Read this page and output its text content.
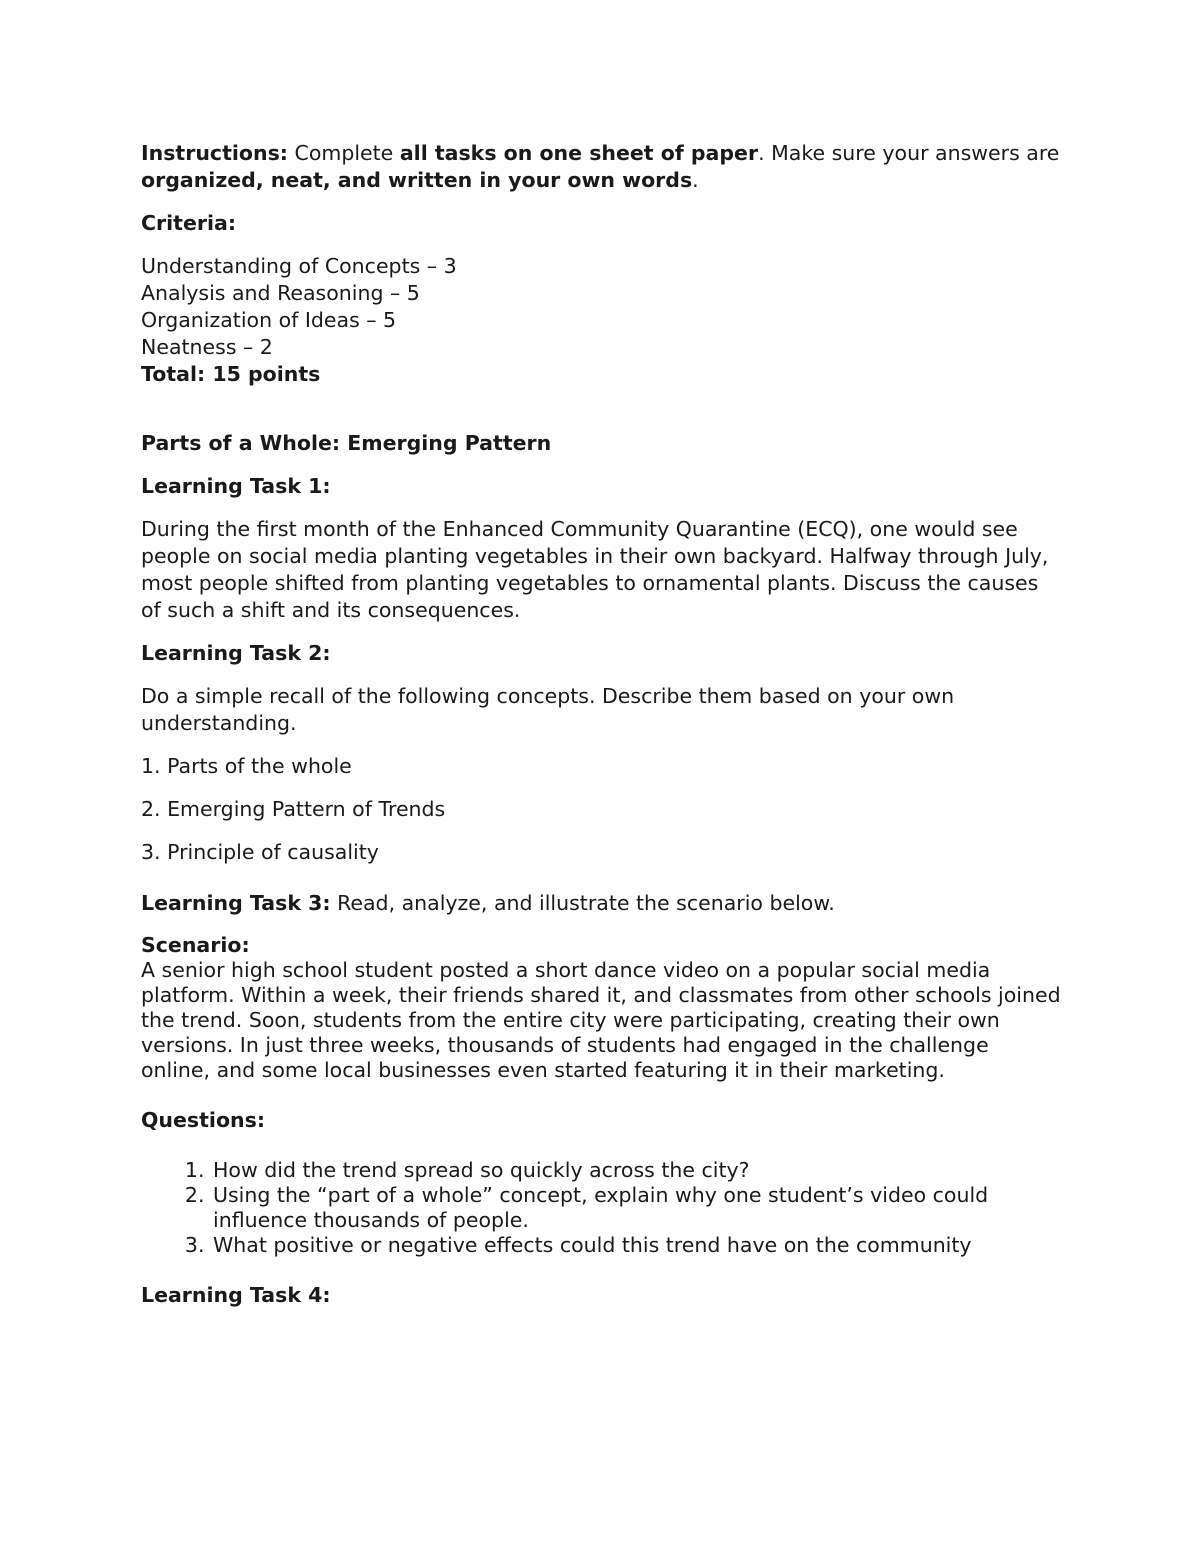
Instructions: Complete all tasks on one sheet of paper. Make sure your answers are organized, neat, and written in your own words.

Criteria:

Understanding of Concepts – 3

Analysis and Reasoning – 5

Organization of Ideas – 5

Neatness – 2

Total: 15 points

Parts of a Whole: Emerging Pattern

Learning Task 1:

During the first month of the Enhanced Community Quarantine (ECQ), one would see people on social media planting vegetables in their own backyard. Halfway through July, most people shifted from planting vegetables to ornamental plants. Discuss the causes of such a shift and its consequences.

Learning Task 2:

Do a simple recall of the following concepts. Describe them based on your own understanding.

1. Parts of the whole

2. Emerging Pattern of Trends

3. Principle of causality

Learning Task 3: Read, analyze, and illustrate the scenario below.

Scenario:

A senior high school student posted a short dance video on a popular social media platform. Within a week, their friends shared it, and classmates from other schools joined the trend. Soon, students from the entire city were participating, creating their own versions. In just three weeks, thousands of students had engaged in the challenge online, and some local businesses even started featuring it in their marketing.

Questions:

1. How did the trend spread so quickly across the city?
2. Using the “part of a whole” concept, explain why one student’s video could influence thousands of people.
3. What positive or negative effects could this trend have on the community

Learning Task 4:
